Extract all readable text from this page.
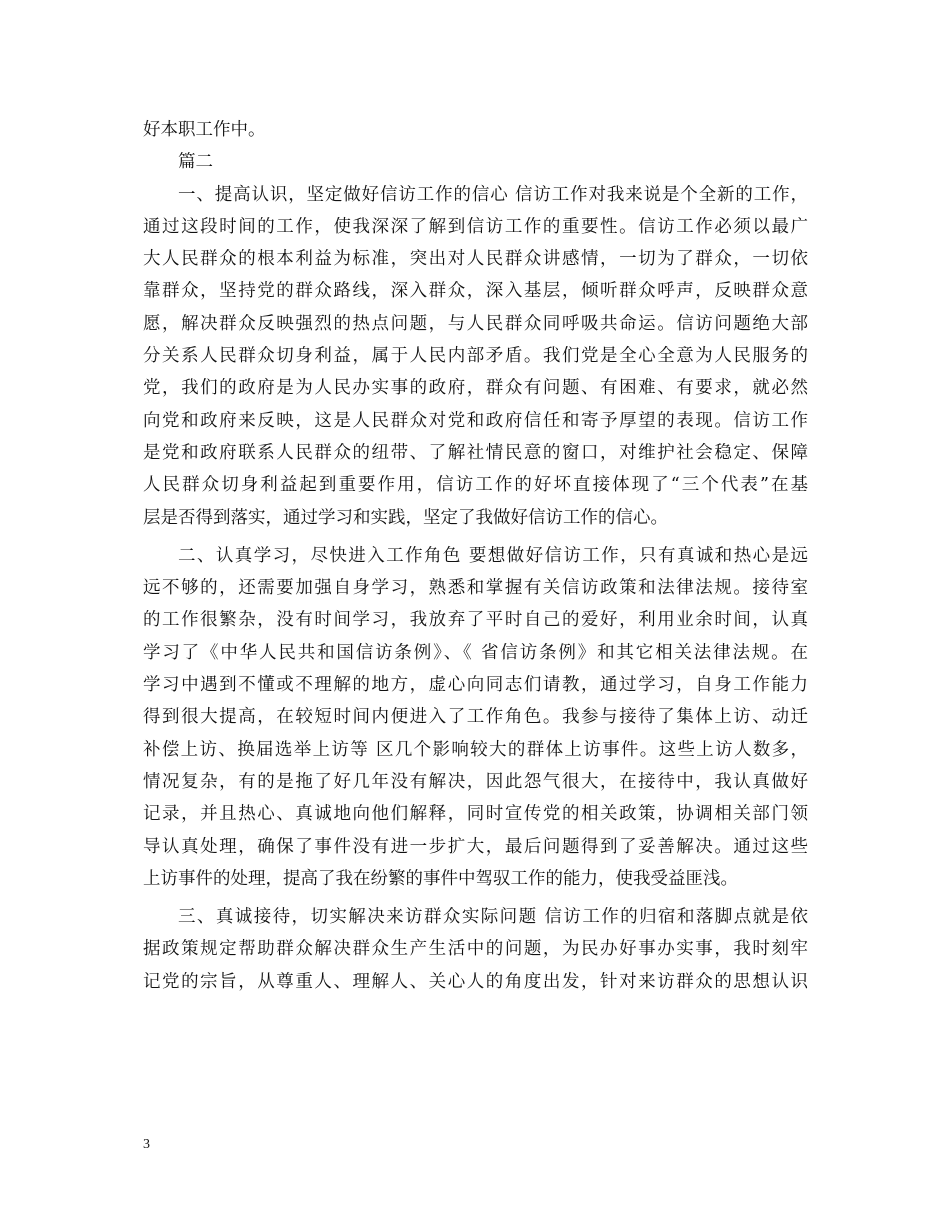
好本职工作中。
篇二
一、提高认识，坚定做好信访工作的信心 信访工作对我来说是个全新的工作，
通过这段时间的工作，使我深深了解到信访工作的重要性。信访工作必须以最广
大人民群众的根本利益为标准，突出对人民群众讲感情，一切为了群众，一切依
靠群众，坚持党的群众路线，深入群众，深入基层，倾听群众呼声，反映群众意
愿，解决群众反映强烈的热点问题，与人民群众同呼吸共命运。信访问题绝大部
分关系人民群众切身利益，属于人民内部矛盾。我们党是全心全意为人民服务的
党，我们的政府是为人民办实事的政府，群众有问题、有困难、有要求，就必然
向党和政府来反映，这是人民群众对党和政府信任和寄予厚望的表现。信访工作
是党和政府联系人民群众的纽带、了解社情民意的窗口，对维护社会稳定、保障
人民群众切身利益起到重要作用，信访工作的好坏直接体现了“三个代表”在基
层是否得到落实，通过学习和实践，坚定了我做好信访工作的信心。
二、认真学习，尽快进入工作角色 要想做好信访工作，只有真诚和热心是远
远不够的，还需要加强自身学习，熟悉和掌握有关信访政策和法律法规。接待室
的工作很繁杂，没有时间学习，我放弃了平时自己的爱好，利用业余时间，认真
学习了《中华人民共和国信访条例》、《 省信访条例》和其它相关法律法规。在
学习中遇到不懂或不理解的地方，虚心向同志们请教，通过学习，自身工作能力
得到很大提高，在较短时间内便进入了工作角色。我参与接待了集体上访、动迁
补偿上访、换届选举上访等 区几个影响较大的群体上访事件。这些上访人数多，
情况复杂，有的是拖了好几年没有解决，因此怨气很大，在接待中，我认真做好
记录，并且热心、真诚地向他们解释，同时宣传党的相关政策，协调相关部门领
导认真处理，确保了事件没有进一步扩大，最后问题得到了妥善解决。通过这些
上访事件的处理，提高了我在纷繁的事件中驾驭工作的能力，使我受益匪浅。
三、真诚接待，切实解决来访群众实际问题 信访工作的归宿和落脚点就是依
据政策规定帮助群众解决群众生产生活中的问题，为民办好事办实事，我时刻牢
记党的宗旨，从尊重人、理解人、关心人的角度出发，针对来访群众的思想认识
3
